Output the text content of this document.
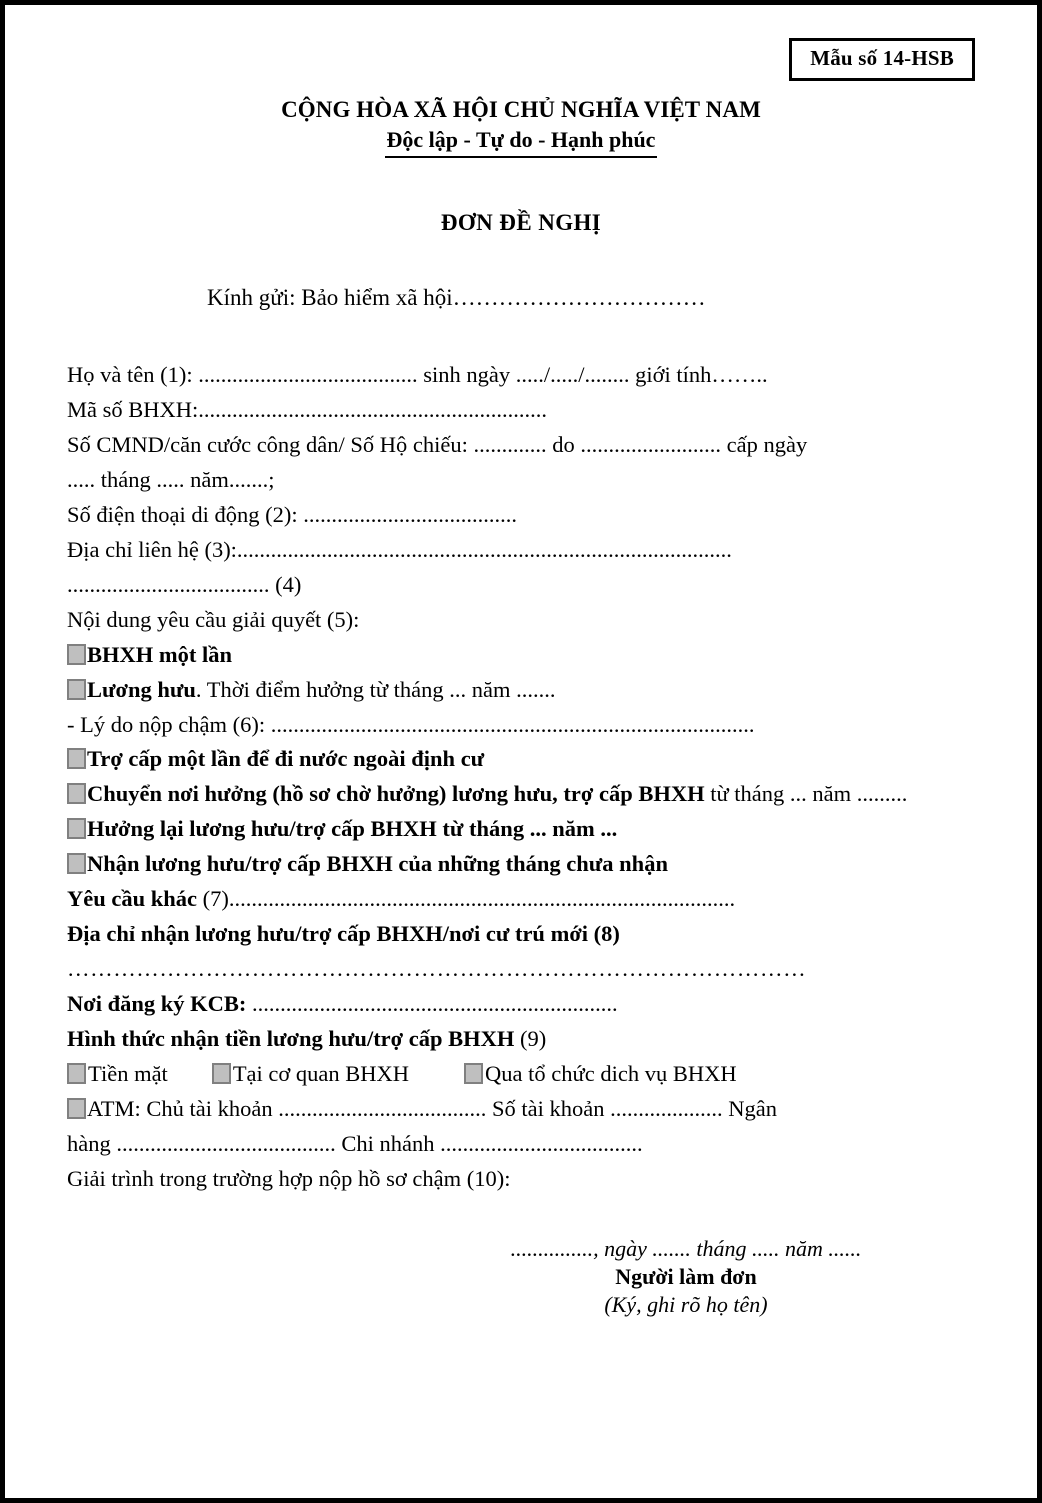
Mẫu số 14-HSB
CỘNG HÒA XÃ HỘI CHỦ NGHĨA VIỆT NAM
Độc lập - Tự do - Hạnh phúc
ĐƠN ĐỀ NGHỊ
Kính gửi: Bảo hiểm xã hội……………………………

Họ và tên (1): ....................................... sinh ngày ...../...../........ giới tính……..

Mã số BHXH:..............................................................

Số CMND/căn cước công dân/ Số Hộ chiếu: ............. do ......................... cấp ngày

..... tháng ..... năm.......;

Số điện thoại di động (2): ......................................

Địa chỉ liên hệ (3):........................................................................................

.................................... (4)

Nội dung yêu cầu giải quyết (5):

BHXH một lần
Lương hưu. Thời điểm hưởng từ tháng ... năm .......

- Lý do nộp chậm (6): ......................................................................................

Trợ cấp một lần để đi nước ngoài định cư
Chuyển nơi hưởng (hồ sơ chờ hưởng) lương hưu, trợ cấp BHXH từ tháng ... năm .........
Hưởng lại lương hưu/trợ cấp BHXH từ tháng ... năm ...
Nhận lương hưu/trợ cấp BHXH của những tháng chưa nhận

Yêu cầu khác (7)..........................................................................................

Địa chỉ nhận lương hưu/trợ cấp BHXH/nơi cư trú mới (8)

……………………………………………………………………………………

Nơi đăng ký KCB: .................................................................

Hình thức nhận tiền lương hưu/trợ cấp BHXH (9)

Tiền mặt	Tại cơ quan BHXH	Qua tổ chức dich vụ BHXH
ATM: Chủ tài khoản ..................................... Số tài khoản .................... Ngân

hàng ....................................... Chi nhánh ....................................

Giải trình trong trường hợp nộp hồ sơ chậm (10):

..............., ngày ....... tháng ..... năm ......
Người làm đơn
(Ký, ghi rõ họ tên)
